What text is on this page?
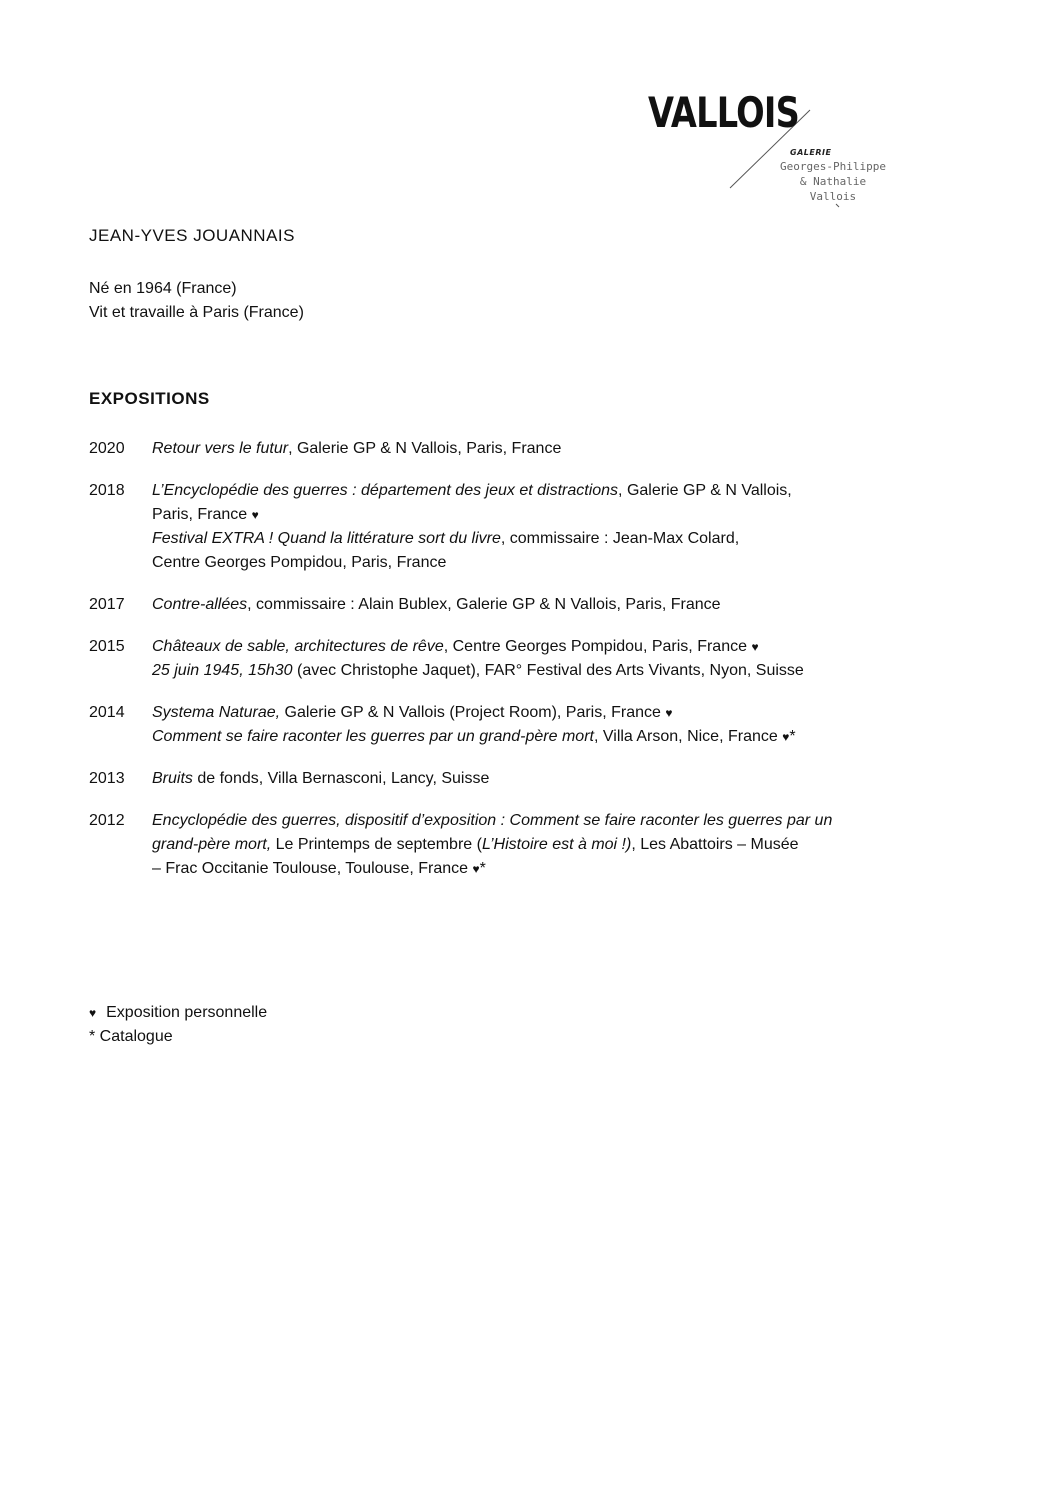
VALLOIS
GALERIE
Georges-Philippe
& Nathalie
Vallois
JEAN-YVES JOUANNAIS
Né en 1964 (France)
Vit et travaille à Paris (France)
EXPOSITIONS
2020	Retour vers le futur, Galerie GP & N Vallois, Paris, France
2018	L’Encyclopédie des guerres : département des jeux et distractions, Galerie GP & N Vallois,
Paris, France ♥
Festival EXTRA ! Quand la littérature sort du livre, commissaire : Jean-Max Colard,
Centre Georges Pompidou, Paris, France
2017	Contre-allées, commissaire : Alain Bublex, Galerie GP & N Vallois, Paris, France
2015	Châteaux de sable, architectures de rêve, Centre Georges Pompidou, Paris, France ♥
25 juin 1945, 15h30 (avec Christophe Jaquet), FAR° Festival des Arts Vivants, Nyon, Suisse
2014	Systema Naturae, Galerie GP & N Vallois (Project Room), Paris, France ♥
Comment se faire raconter les guerres par un grand-père mort, Villa Arson, Nice, France ♥*
2013	Bruits de fonds, Villa Bernasconi, Lancy, Suisse
2012	Encyclopédie des guerres, dispositif d’exposition : Comment se faire raconter les guerres par un
grand-père mort, Le Printemps de septembre (L’Histoire est à moi !), Les Abattoirs – Musée
– Frac Occitanie Toulouse, Toulouse, France ♥*
♥ Exposition personnelle
* Catalogue
